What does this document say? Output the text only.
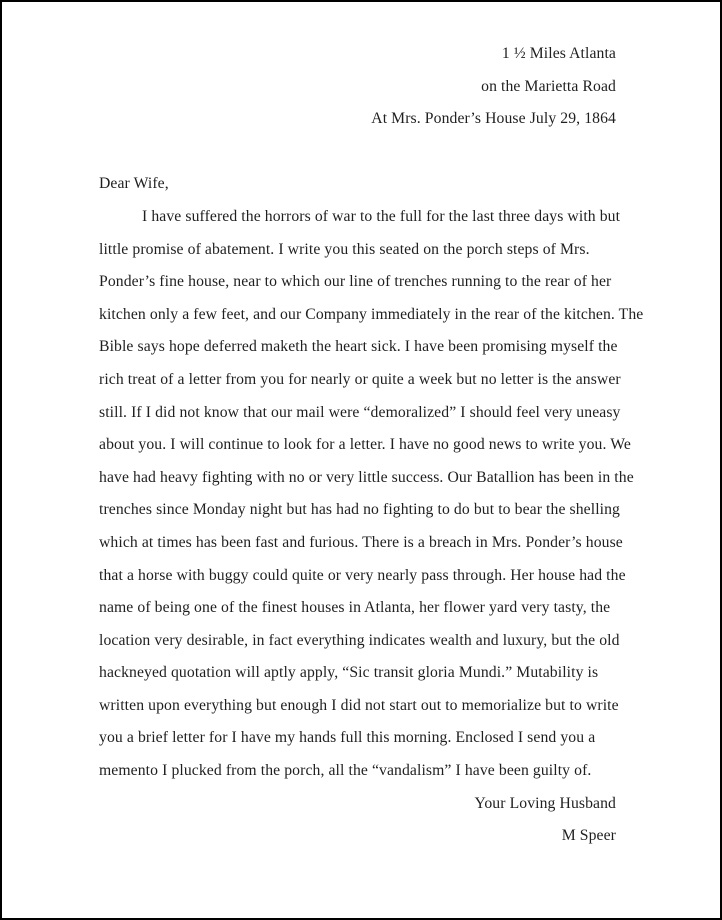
1 ½ Miles Atlanta
on the Marietta Road
At Mrs. Ponder’s House July 29, 1864
Dear Wife,
I have suffered the horrors of war to the full for the last three days with but
little promise of abatement. I write you this seated on the porch steps of Mrs.
Ponder’s fine house, near to which our line of trenches running to the rear of her
kitchen only a few feet, and our Company immediately in the rear of the kitchen. The
Bible says hope deferred maketh the heart sick. I have been promising myself the
rich treat of a letter from you for nearly or quite a week but no letter is the answer
still. If I did not know that our mail were “demoralized” I should feel very uneasy
about you. I will continue to look for a letter. I have no good news to write you. We
have had heavy fighting with no or very little success. Our Batallion has been in the
trenches since Monday night but has had no fighting to do but to bear the shelling
which at times has been fast and furious. There is a breach in Mrs. Ponder’s house
that a horse with buggy could quite or very nearly pass through. Her house had the
name of being one of the finest houses in Atlanta, her flower yard very tasty, the
location very desirable, in fact everything indicates wealth and luxury, but the old
hackneyed quotation will aptly apply, “Sic transit gloria Mundi.” Mutability is
written upon everything but enough I did not start out to memorialize but to write
you a brief letter for I have my hands full this morning. Enclosed I send you a
memento I plucked from the porch, all the “vandalism” I have been guilty of.
Your Loving Husband
M Speer
